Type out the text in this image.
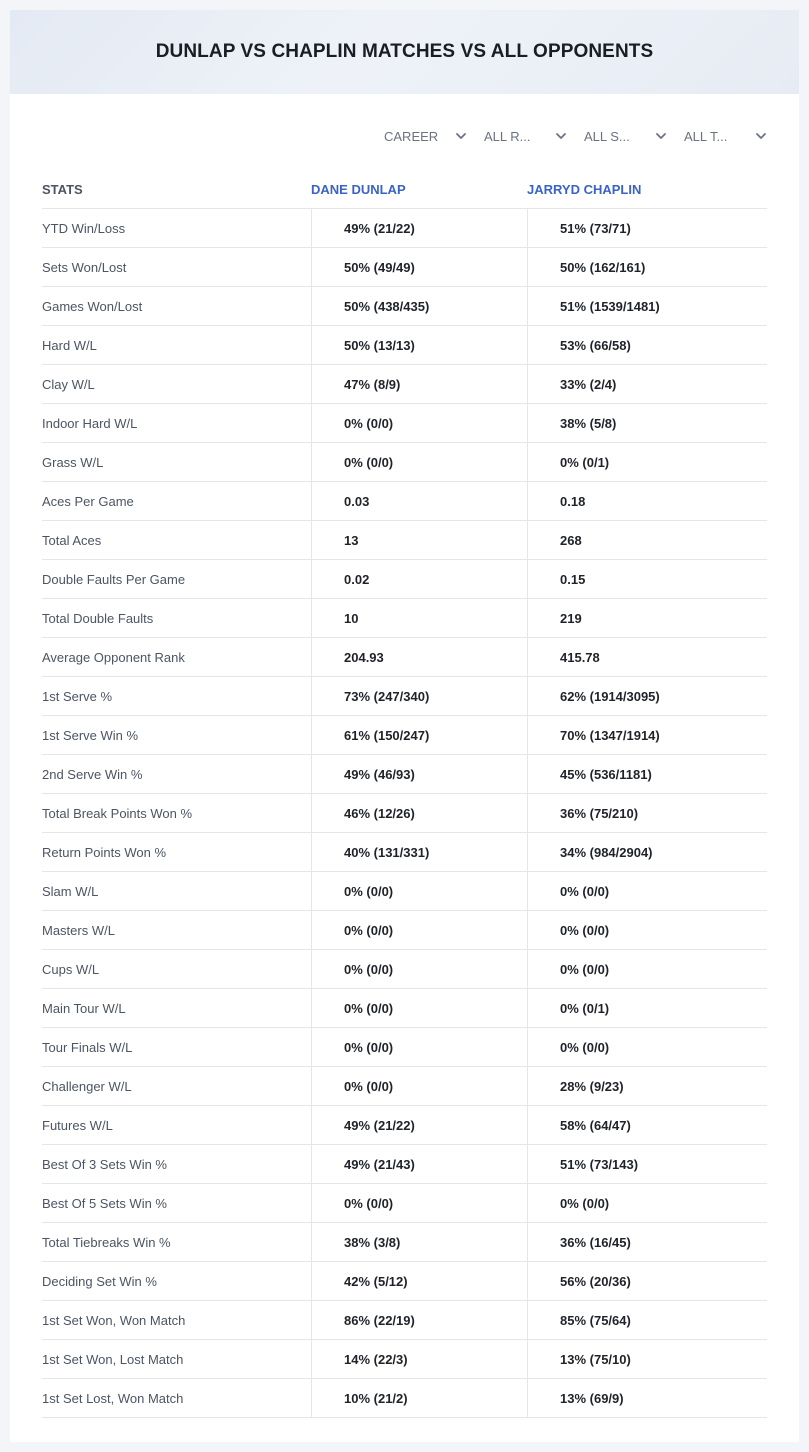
DUNLAP VS CHAPLIN MATCHES VS ALL OPPONENTS
CAREER	ALL R...	ALL S...	ALL T...
STATS	DANE DUNLAP	JARRYD CHAPLIN
YTD Win/Loss	49% (21/22)	51% (73/71)
Sets Won/Lost	50% (49/49)	50% (162/161)
Games Won/Lost	50% (438/435)	51% (1539/1481)
Hard W/L	50% (13/13)	53% (66/58)
Clay W/L	47% (8/9)	33% (2/4)
Indoor Hard W/L	0% (0/0)	38% (5/8)
Grass W/L	0% (0/0)	0% (0/1)
Aces Per Game	0.03	0.18
Total Aces	13	268
Double Faults Per Game	0.02	0.15
Total Double Faults	10	219
Average Opponent Rank	204.93	415.78
1st Serve %	73% (247/340)	62% (1914/3095)
1st Serve Win %	61% (150/247)	70% (1347/1914)
2nd Serve Win %	49% (46/93)	45% (536/1181)
Total Break Points Won %	46% (12/26)	36% (75/210)
Return Points Won %	40% (131/331)	34% (984/2904)
Slam W/L	0% (0/0)	0% (0/0)
Masters W/L	0% (0/0)	0% (0/0)
Cups W/L	0% (0/0)	0% (0/0)
Main Tour W/L	0% (0/0)	0% (0/1)
Tour Finals W/L	0% (0/0)	0% (0/0)
Challenger W/L	0% (0/0)	28% (9/23)
Futures W/L	49% (21/22)	58% (64/47)
Best Of 3 Sets Win %	49% (21/43)	51% (73/143)
Best Of 5 Sets Win %	0% (0/0)	0% (0/0)
Total Tiebreaks Win %	38% (3/8)	36% (16/45)
Deciding Set Win %	42% (5/12)	56% (20/36)
1st Set Won, Won Match	86% (22/19)	85% (75/64)
1st Set Won, Lost Match	14% (22/3)	13% (75/10)
1st Set Lost, Won Match	10% (21/2)	13% (69/9)
